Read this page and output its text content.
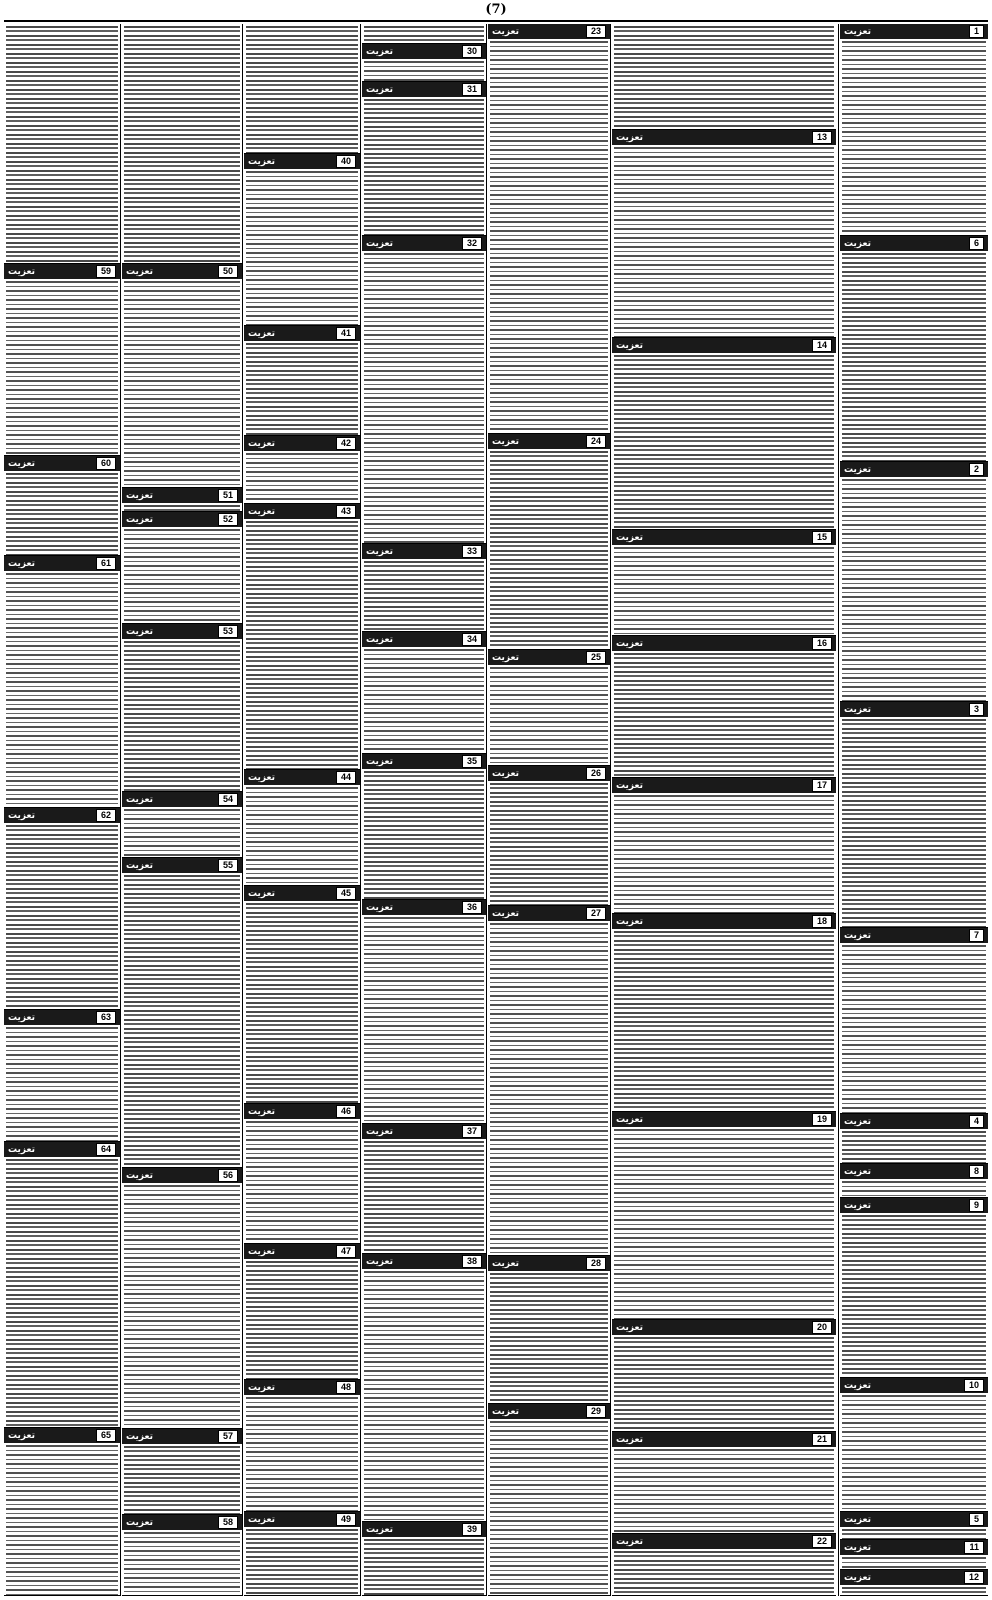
(7)
تعزیت	1
تعزیت	6
تعزیت	2
تعزیت	3
تعزیت	7
تعزیت	4
تعزیت	8
تعزیت	9
تعزیت	10
تعزیت	5
تعزیت	11
تعزیت	12
تعزیت	13
تعزیت	14
تعزیت	15
تعزیت	16
تعزیت	17
تعزیت	18
تعزیت	19
تعزیت	20
تعزیت	21
تعزیت	22
تعزیت	23
تعزیت	24
تعزیت	25
تعزیت	26
تعزیت	27
تعزیت	28
تعزیت	29
تعزیت	30
تعزیت	31
تعزیت	32
تعزیت	33
تعزیت	34
تعزیت	35
تعزیت	36
تعزیت	37
تعزیت	38
تعزیت	39
تعزیت	40
تعزیت	41
تعزیت	42
تعزیت	43
تعزیت	44
تعزیت	45
تعزیت	46
تعزیت	47
تعزیت	48
تعزیت	49
تعزیت	50
تعزیت	51
تعزیت	52
تعزیت	53
تعزیت	54
تعزیت	55
تعزیت	56
تعزیت	57
تعزیت	58
تعزیت	59
تعزیت	60
تعزیت	61
تعزیت	62
تعزیت	63
تعزیت	64
تعزیت	65
